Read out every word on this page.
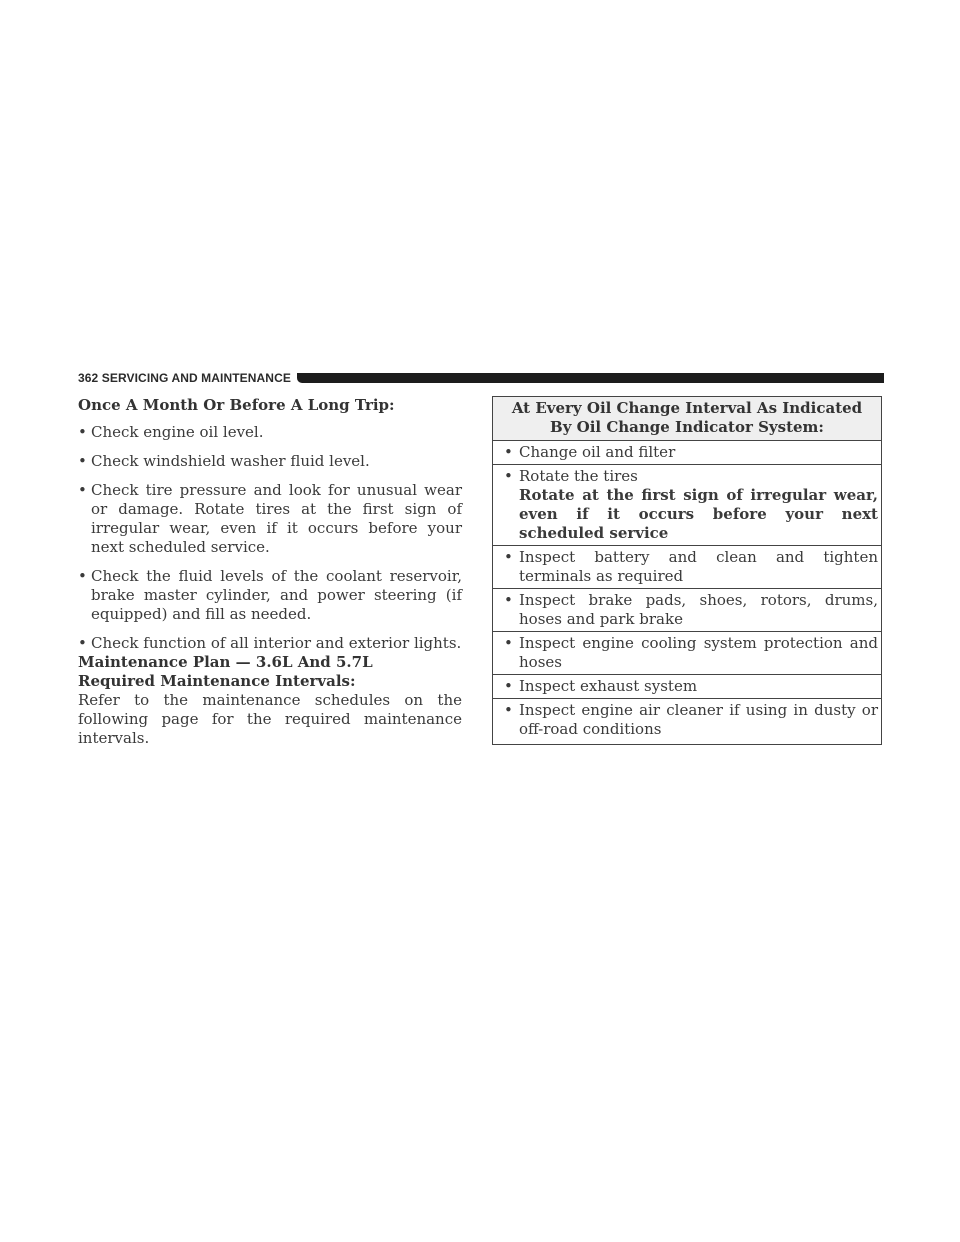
362 SERVICING AND MAINTENANCE

Once A Month Or Before A Long Trip:

• Check engine oil level.
• Check windshield washer fluid level.
• Check tire pressure and look for unusual wear or damage. Rotate tires at the first sign of irregular wear, even if it occurs before your next scheduled service.
• Check the fluid levels of the coolant reservoir, brake master cylinder, and power steering (if equipped) and fill as needed.
• Check function of all interior and exterior lights.

Maintenance Plan — 3.6L And 5.7L

Required Maintenance Intervals:

Refer to the maintenance schedules on the following page for the required maintenance intervals.

At Every Oil Change Interval As Indicated By Oil Change Indicator System:
• Change oil and filter
• Rotate the tires
Rotate at the first sign of irregular wear, even if it occurs before your next scheduled service
• Inspect battery and clean and tighten terminals as required
• Inspect brake pads, shoes, rotors, drums, hoses and park brake
• Inspect engine cooling system protection and hoses
• Inspect exhaust system
• Inspect engine air cleaner if using in dusty or off-road conditions
